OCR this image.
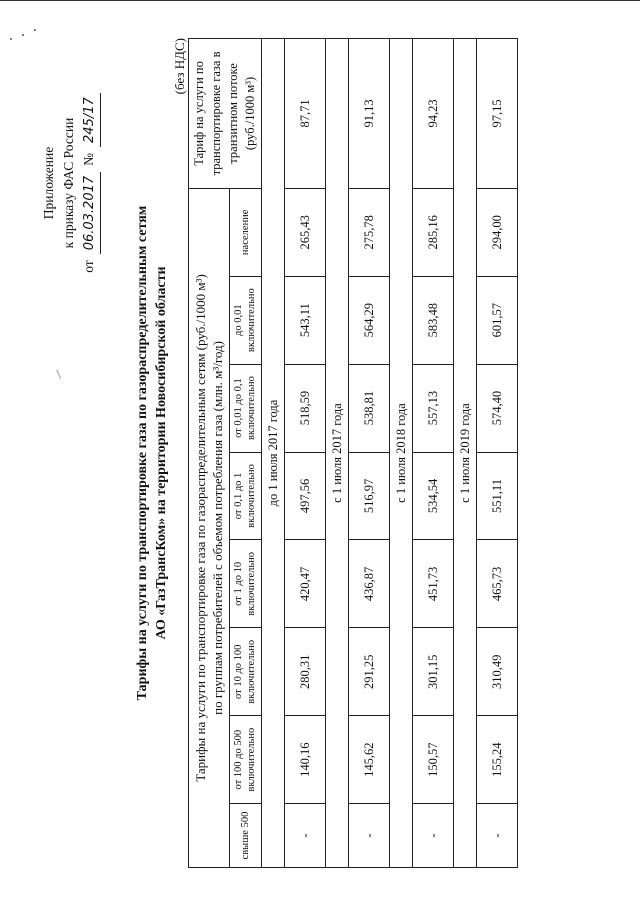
Приложение к приказу ФАС России
от
06.03.2017
№
245/17
Тарифы на услуги по транспортировке газа по газораспределительным сетям АО «ГазТрансКом» на территории Новосибирской области
(без НДС)
Тарифы на услуги по транспортировке газа по газораспределительным сетям (руб./1000 м³) по группам потребителей с объемом потребления газа (млн. м³/год)								Тариф на услуги по транспортировке газа в транзитном потоке (руб./1000 м³)
свыше 500	от 100 до 500 включительно	от 10 до 100 включительно	от 1 до 10 включительно	от 0,1 до 1 включительно	от 0,01 до 0,1 включительно	до 0,01 включительно	население	
до 1 июля 2017 года								
-	140,16	280,31	420,47	497,56	518,59	543,11	265,43	87,71
с 1 июля 2017 года								
-	145,62	291,25	436,87	516,97	538,81	564,29	275,78	91,13
с 1 июля 2018 года								
-	150,57	301,15	451,73	534,54	557,13	583,48	285,16	94,23
с 1 июля 2019 года								
-	155,24	310,49	465,73	551,11	574,40	601,57	294,00	97,15
